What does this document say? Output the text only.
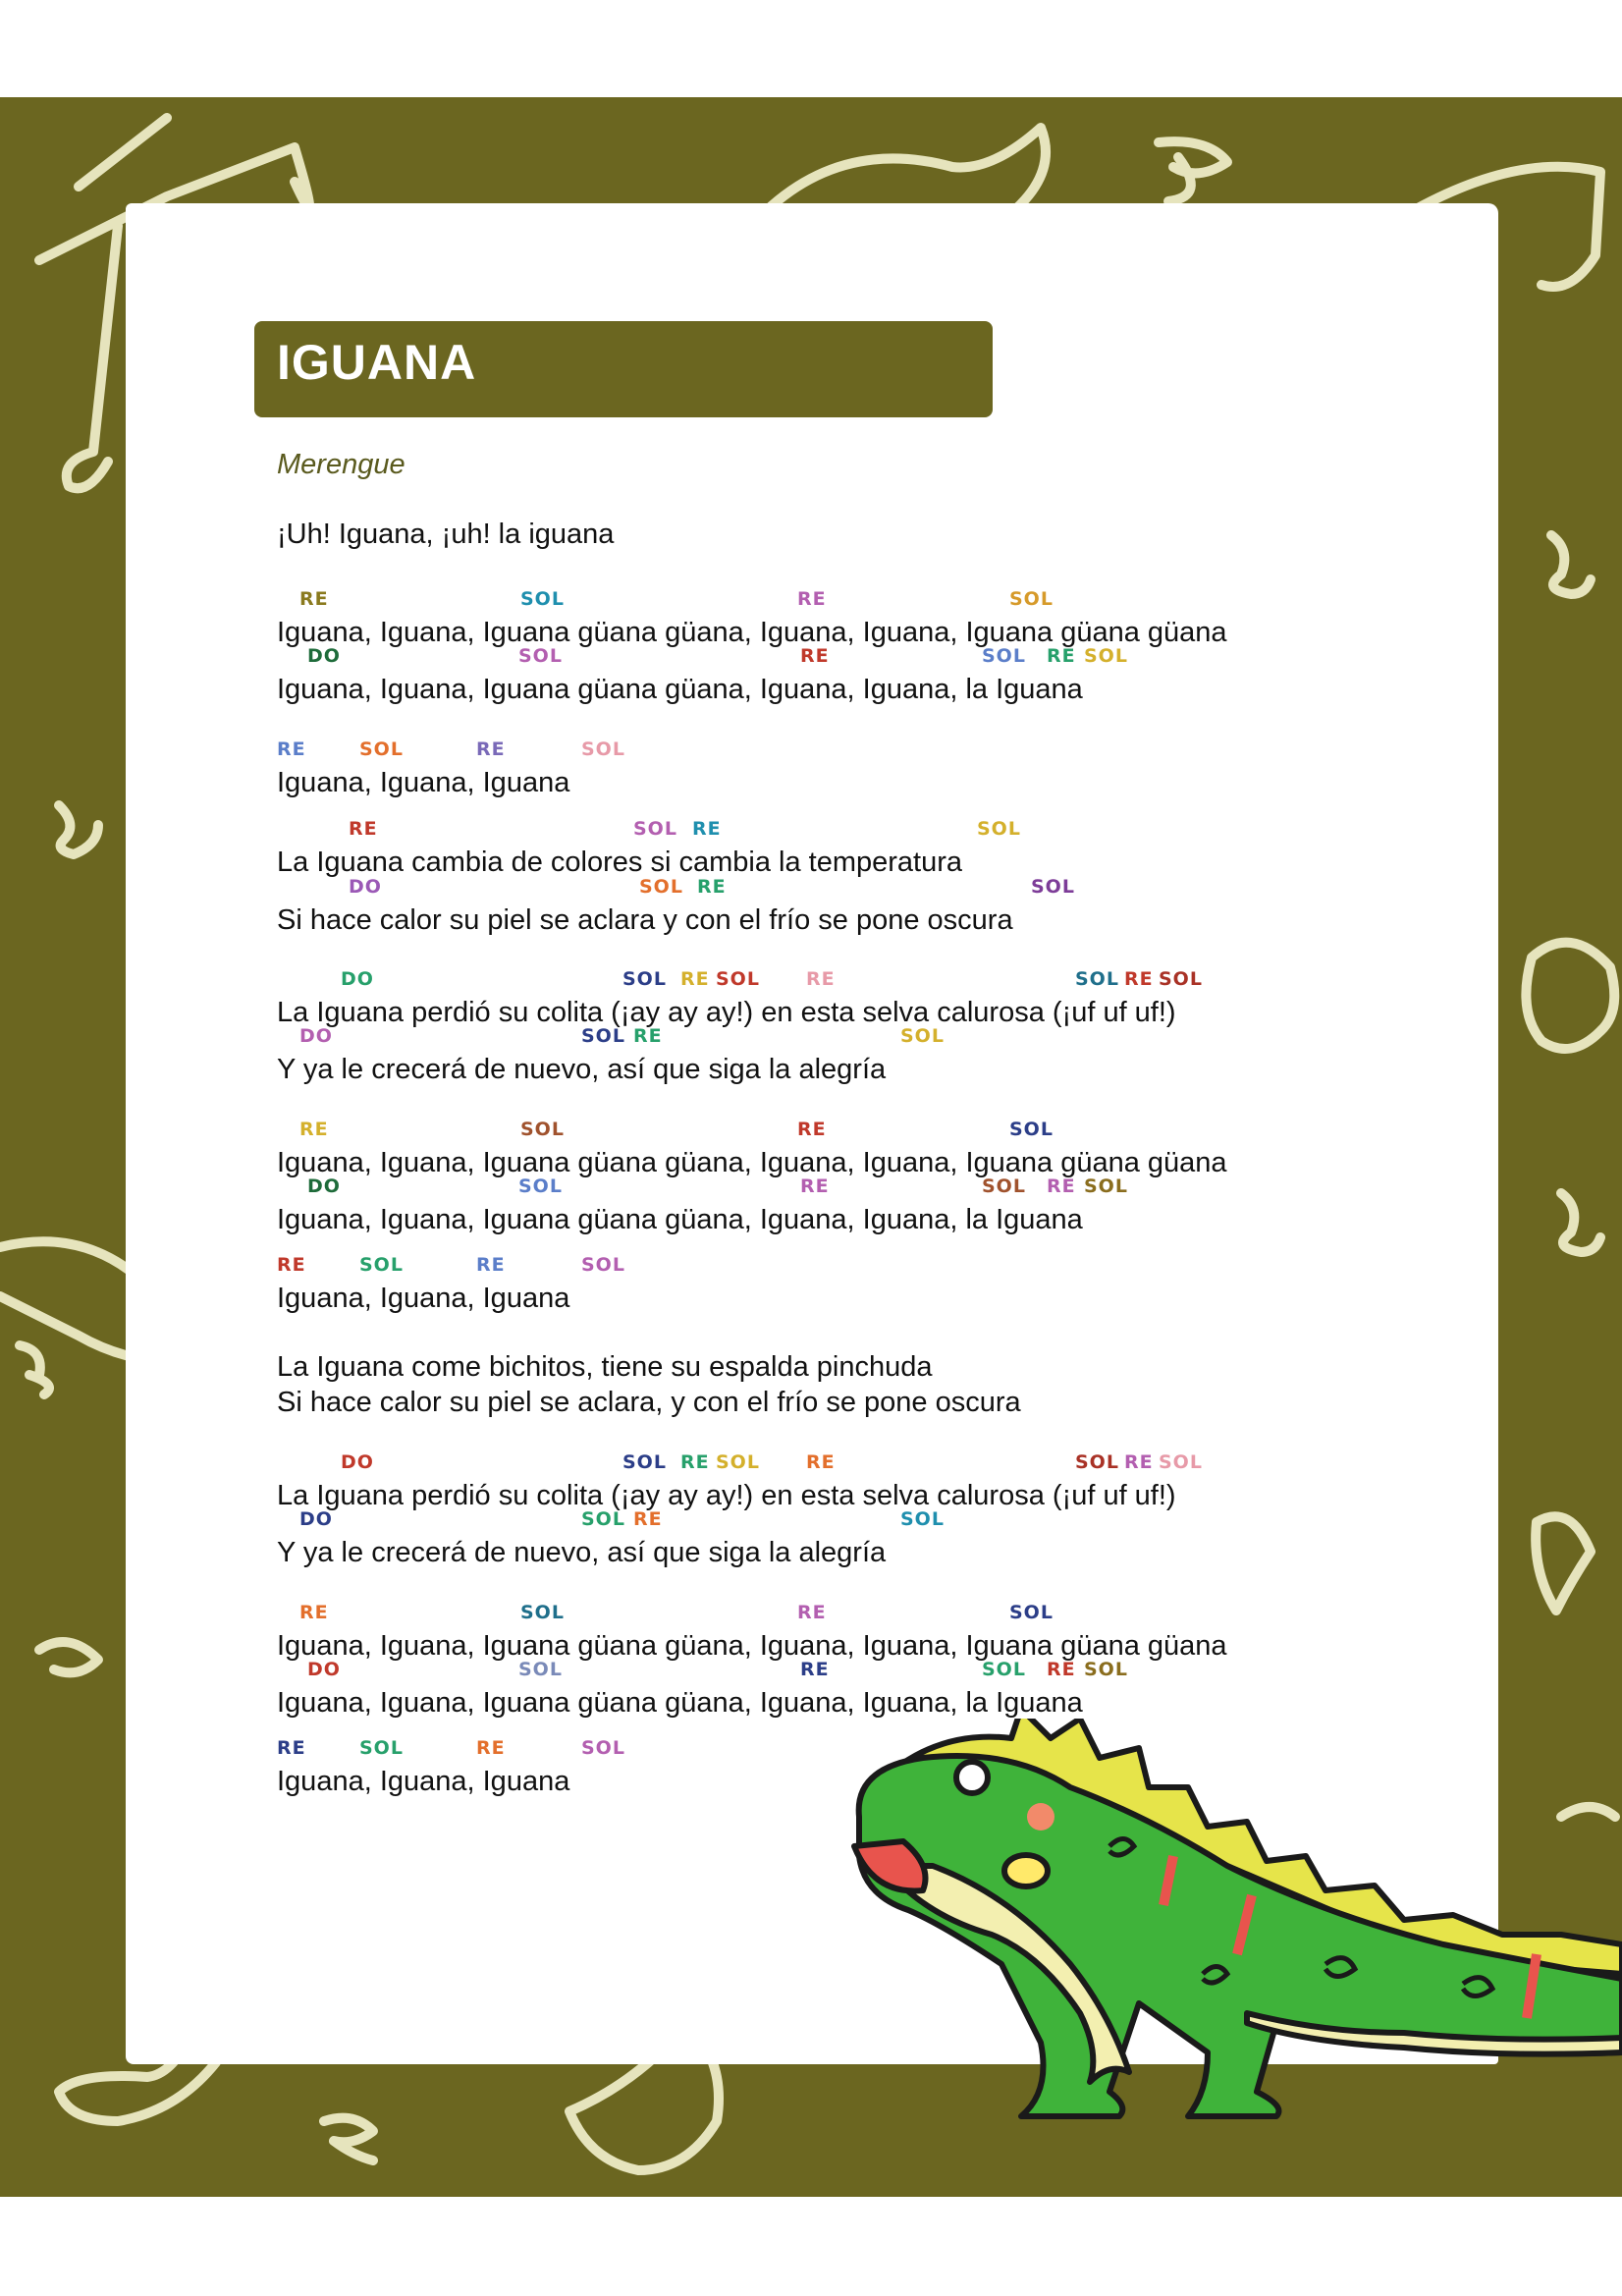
IGUANA
Merengue
¡Uh! Iguana, ¡uh! la iguana
RE	SOL	RE	SOL
Iguana, Iguana, Iguana güana güana, Iguana, Iguana, Iguana güana güana
DO	SOL	RE	SOL RE SOL
Iguana, Iguana, Iguana güana güana, Iguana, Iguana, la Iguana
RE	SOL	RE	SOL
Iguana, Iguana, Iguana
RE	SOL RE	SOL
La Iguana cambia de colores si cambia la temperatura
DO	SOL RE	SOL
Si hace calor su piel se aclara y con el frío se pone oscura
DO	SOL RE SOL RE	SOL RE SOL
La Iguana perdió su colita (¡ay ay ay!) en esta selva calurosa (¡uf uf uf!)
DO	SOL RE	SOL
Y ya le crecerá de nuevo, así que siga la alegría
RE	SOL	RE	SOL
Iguana, Iguana, Iguana güana güana, Iguana, Iguana, Iguana güana güana
DO	SOL	RE	SOL RE SOL
Iguana, Iguana, Iguana güana güana, Iguana, Iguana, la Iguana
RE	SOL	RE	SOL
Iguana, Iguana, Iguana
La Iguana come bichitos, tiene su espalda pinchuda
Si hace calor su piel se aclara, y con el frío se pone oscura
DO	SOL RE SOL RE	SOL RE SOL
La Iguana perdió su colita (¡ay ay ay!) en esta selva calurosa (¡uf uf uf!)
DO	SOL RE	SOL
Y ya le crecerá de nuevo, así que siga la alegría
RE	SOL	RE	SOL
Iguana, Iguana, Iguana güana güana, Iguana, Iguana, Iguana güana güana
DO	SOL	RE	SOL RE SOL
Iguana, Iguana, Iguana güana güana, Iguana, Iguana, la Iguana
RE	SOL	RE	SOL
Iguana, Iguana, Iguana
